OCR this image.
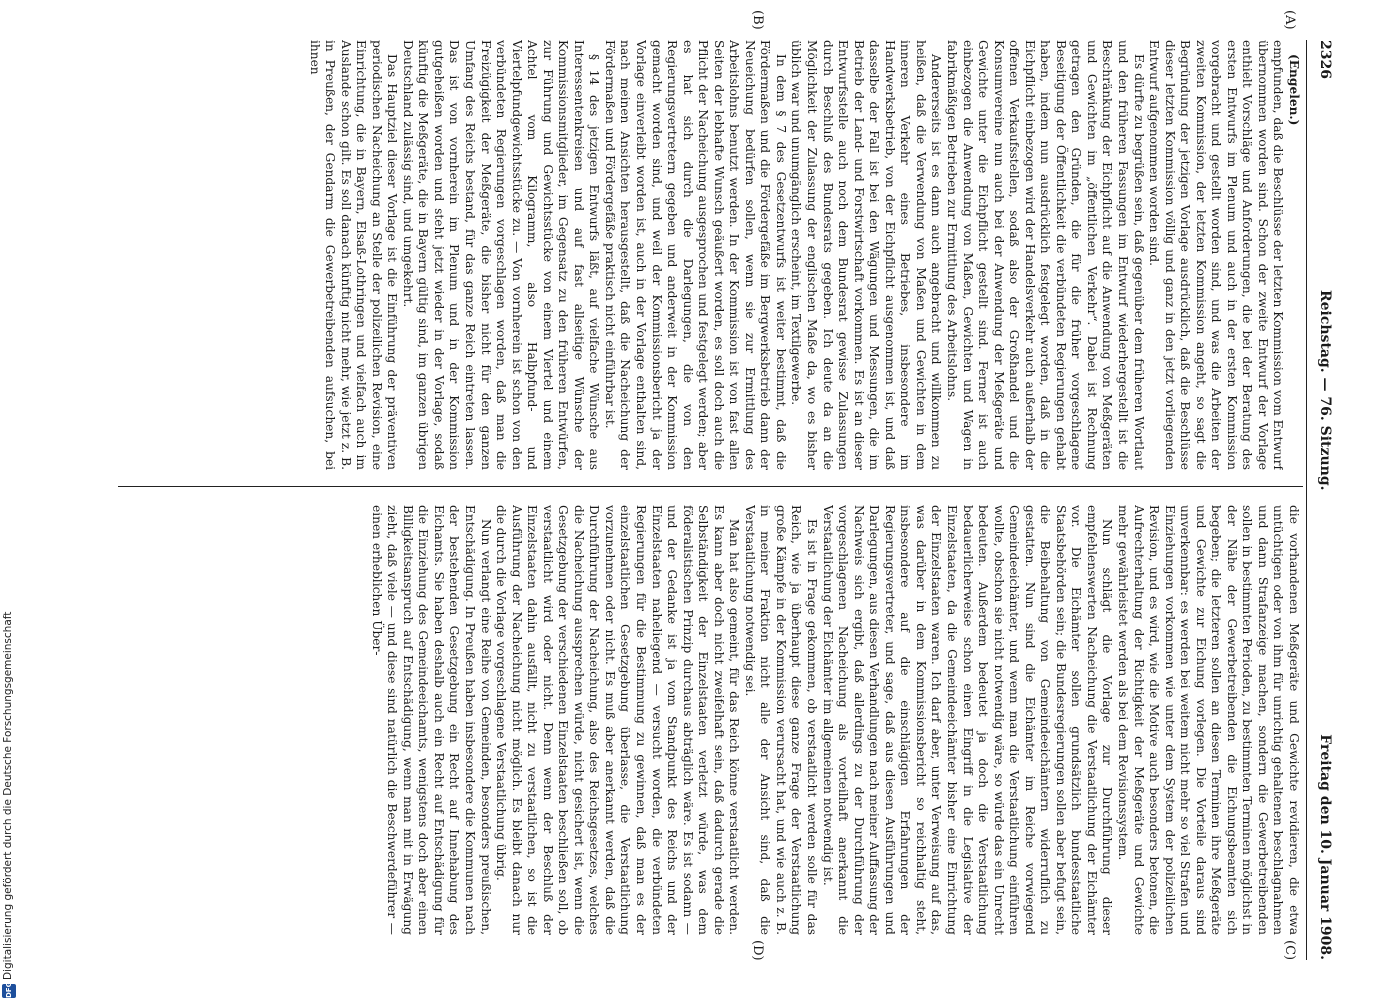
2326
Reichstag. — 76. Sitzung.
Freitag den 10. Januar 1908.
(A)
(B)
(C)
(D)

(Engelen.)

empfunden, daß die Beschlüsse der letzten Kommission vom Entwurf übernommen worden sind. Schon der zweite Entwurf der Vorlage enthielt Vorschläge und Anforderungen, die bei der Beratung des ersten Entwurfs im Plenum und auch in der ersten Kommission vorgebracht und gestellt worden sind, und was die Arbeiten der zweiten Kommission, der letzten Kommission angeht, so sagt die Begründung der jetzigen Vorlage ausdrücklich, daß die Beschlüsse dieser letzten Kommission völlig und ganz in den jetzt vorliegenden Entwurf aufgenommen worden sind.

Es dürfte zu begrüßen sein, daß gegenüber dem früheren Wortlaut und den früheren Fassungen im Entwurf wiederhergestellt ist die Beschränkung der Eichpflicht auf die Anwendung von Meßgeräten und Gewichten im „öffentlichen Verkehr“. Dabei ist Rechnung getragen den Gründen, die für die früher vorgeschlagene Beseitigung der Öffentlichkeit die verbündeten Regierungen gehabt haben, indem nun ausdrücklich festgelegt worden, daß in die Eichpflicht einbezogen wird der Handelsverkehr auch außerhalb der offenen Verkaufsstellen, sodaß also der Großhandel und die Konsumvereine nun auch bei der Anwendung der Meßgeräte und Gewichte unter die Eichpflicht gestellt sind. Ferner ist auch einbezogen die Anwendung von Maßen, Gewichten und Wagen in fabrikmäßigen Betrieben zur Ermittlung des Arbeitslohns.

Andererseits ist es dann auch angebracht und willkommen zu heißen, daß die Verwendung von Maßen und Gewichten in dem inneren Verkehr eines Betriebes, insbesondere im Handwerksbetrieb, von der Eichpflicht ausgenommen ist, und daß dasselbe der Fall ist bei den Wägungen und Messungen, die im Betrieb der Land- und Forstwirtschaft vorkommen. Es ist an dieser Entwurfsstelle auch noch dem Bundesrat gewisse Zulassungen durch Beschluß des Bundesrats gegeben. Ich deute da an die Möglichkeit der Zulassung der englischen Maße da, wo es bisher üblich war und unumgänglich erscheint, im Textilgewerbe.

In dem § 7 des Gesetzentwurfs ist weiter bestimmt, daß die Fördermaßen und die Fördergefäße im Bergwerksbetrieb dann der Neueichung bedürfen sollen, wenn sie zur Ermittlung des Arbeitslohns benutzt werden. In der Kommission ist von fast allen Seiten der lebhafte Wunsch geäußert worden, es soll doch auch die Pflicht der Nacheichung ausgesprochen und festgelegt werden; aber es hat sich durch die Darlegungen, die von den Regierungsvertretern gegeben und anderweit in der Kommission gemacht worden sind, und weil der Kommissionsbericht ja der Vorlage einverleibt worden ist, auch in der Vorlage enthalten sind, nach meinen Ansichten herausgestellt, daß die Nacheichung der Fördermaßen und Fördergefäße praktisch nicht einführbar ist.

§ 14 des jetzigen Entwurfs läßt, auf vielfache Wünsche aus Interessentenkreisen und auf fast allseitige Wünsche der Kommissionsmitglieder, im Gegensatz zu den früheren Entwürfen, zur Führung und Gewichtsstücke von einem Viertel und einem Achtel vom Kilogramm, also Halbpfund- und Viertelpfundgewichtsstücke zu. — Von vornherein ist schon von den verbündeten Regierungen vorgeschlagen worden, daß man die Freizügigkeit der Meßgeräte, die bisher nicht für den ganzen Umfang des Reichs bestand, für das ganze Reich eintreten lassen. Das ist von vornherein im Plenum und in der Kommission gutgeheißen worden und steht jetzt wieder in der Vorlage, sodaß künftig die Meßgeräte, die in Bayern gültig sind, im ganzen übrigen Deutschland zulässig sind, und umgekehrt.

Das Hauptziel dieser Vorlage ist die Einführung der präventiven periodischen Nacheichung an Stelle der polizeilichen Revision, eine Einrichtung, die in Bayern, Elsaß-Lothringen und vielfach auch im Auslande schon gilt. Es soll danach künftig nicht mehr, wie jetzt z. B. in Preußen, der Gendarm die Gewerbetreibenden aufsuchen, bei ihnen

die vorhandenen Meßgeräte und Gewichte revidieren, die etwa untüchtigen oder von ihm für unrichtig gehaltenen beschlagnahmen und dann Strafanzeige machen, sondern die Gewerbetreibenden sollen in bestimmten Perioden, zu bestimmten Terminen möglichst in der Nähe der Gewerbetreibenden die Eichungsbeamten sich begeben; die letzteren sollen an diesen Terminen ihre Meßgeräte und Gewichte zur Eichung vorlegen. Die Vorteile daraus sind unverkennbar: es werden bei weitem nicht mehr so viel Strafen und Einziehungen vorkommen wie unter dem System der polizeilichen Revision, und es wird, wie die Motive auch besonders betonen, die Aufrechterhaltung der Richtigkeit der Meßgeräte und Gewichte mehr gewährleistet werden als bei dem Revisionssystem.

Nun schlägt die Vorlage zur Durchführung dieser empfehlenswerten Nacheichung die Verstaatlichung der Eichämter vor. Die Eichämter sollen grundsätzlich bundesstaatliche Staatsbehörden sein; die Bundesregierungen sollen aber befugt sein, die Beibehaltung von Gemeindeeichämtern widerruflich zu gestatten. Nun sind die Eichämter im Reiche vorwiegend Gemeindeeichämter, und wenn man die Verstaatlichung einführen wollte, obschon sie nicht notwendig wäre, so würde das ein Unrecht bedeuten. Außerdem bedeutet ja doch die Verstaatlichung bedauerlicherweise schon einen Eingriff in die Legislative der Einzelstaaten, da die Gemeindeeichämter bisher eine Einrichtung der Einzelstaaten waren. Ich darf aber, unter Verweisung auf das, was darüber in dem Kommissionsbericht so reichhaltig steht, insbesondere auf die einschlägigen Erfahrungen der Regierungsvertreter, und sage, daß aus diesen Ausführungen und Darlegungen, aus diesen Verhandlungen nach meiner Auffassung der Nachweis sich ergibt, daß allerdings zu der Durchführung der vorgeschlagenen Nacheichung als vorteilhaft anerkannt die Verstaatlichung der Eichämter im allgemeinen notwendig ist.

Es ist in Frage gekommen, ob verstaatlicht werden solle für das Reich, wie ja überhaupt diese ganze Frage der Verstaatlichung große Kämpfe in der Kommission verursacht hat, und wie auch z. B. in meiner Fraktion nicht alle der Ansicht sind, daß die Verstaatlichung notwendig sei.

Man hat also gemeint, für das Reich könne verstaatlicht werden. Es kann aber doch nicht zweifelhaft sein, daß dadurch gerade die Selbständigkeit der Einzelstaaten verletzt würde, was dem föderalistischen Prinzip durchaus abträglich wäre. Es ist sodann — und der Gedanke ist ja vom Standpunkt des Reichs und der Einzelstaaten naheliegend — versucht worden, die verbündeten Regierungen für die Bestimmung zu gewinnen, daß man es der einzelstaatlichen Gesetzgebung überlasse, die Verstaatlichung vorzunehmen oder nicht. Es muß aber anerkannt werden, daß die Durchführung der Nacheichung, also des Reichsgesetzes, welches die Nacheichung aussprechen würde, nicht gesichert ist, wenn die Gesetzgebung der verschiedenen Einzelstaaten beschließen soll, ob verstaatlicht wird oder nicht. Denn wenn der Beschluß der Einzelstaaten dahin ausfällt, nicht zu verstaatlichen, so ist die Ausführung der Nacheichung nicht möglich. Es bleibt danach nur die durch die Vorlage vorgeschlagene Verstaatlichung übrig.

Nun verlangt eine Reihe von Gemeinden, besonders preußischen, Entschädigung. In Preußen haben insbesondere die Kommunen nach der bestehenden Gesetzgebung ein Recht auf Innehabung des Eichamts. Sie haben deshalb auch ein Recht auf Entschädigung für die Einziehung des Gemeindeeichamts, wenigstens doch aber einen Billigkeitsanspruch auf Entschädigung, wenn man mit in Erwägung zieht, daß viele — und diese sind natürlich die Beschwerdeführer — einen erheblichen Über-

DFG
Digitalisierung gefördert durch die Deutsche Forschungsgemeinschaft
